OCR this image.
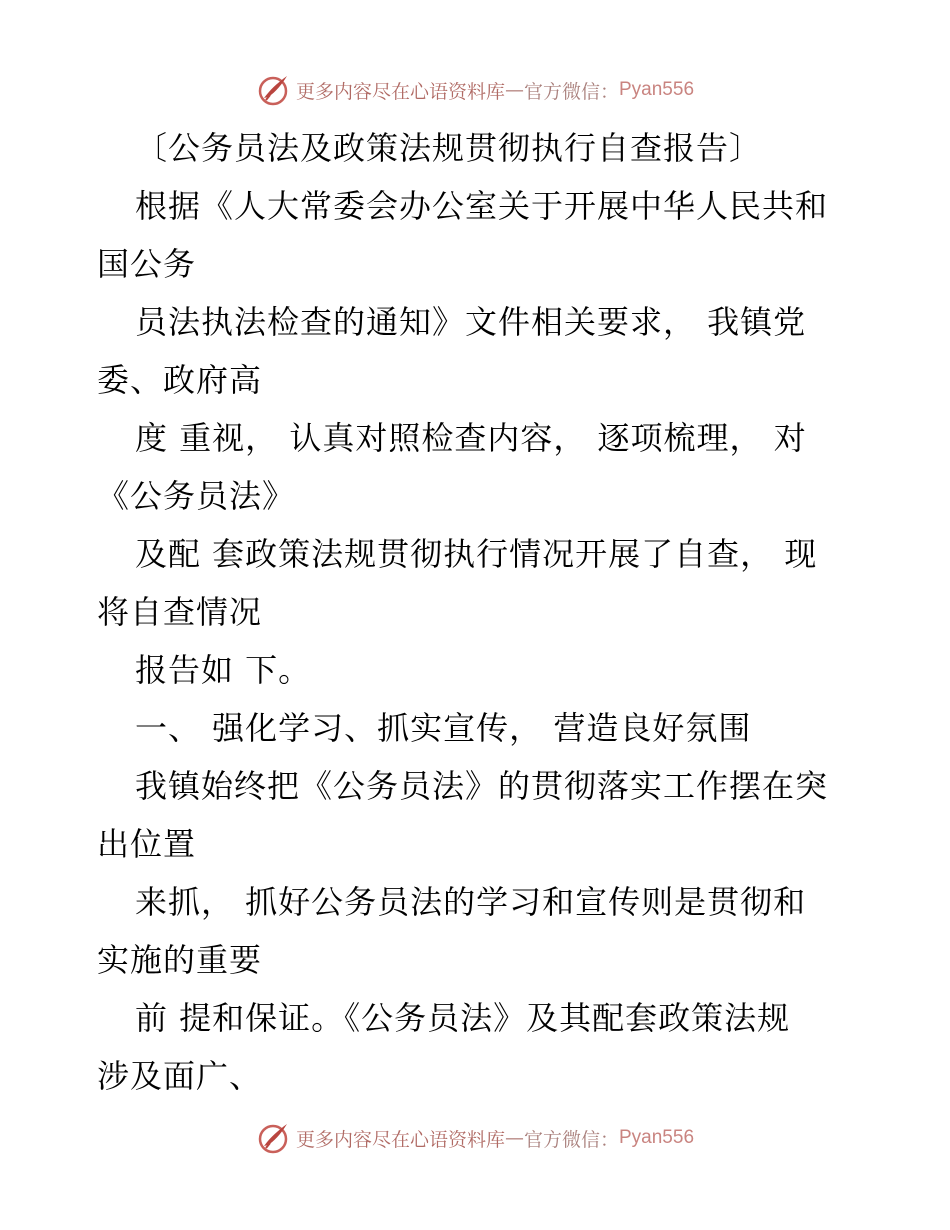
更多内容尽在心语资料库 — 官方微信： Pyan556
〔公务员法及政策法规贯彻执行自查报告〕
根据《人大常委会办公室关于开展中华人民共和
国公务
员法执法检查的通知》文件相关要求， 我镇党
委、政府高
度 重视， 认真对照检查内容， 逐项梳理， 对
《公务员法》
及配 套政策法规贯彻执行情况开展了自查， 现
将自查情况
报告如 下。
一、 强化学习、抓实宣传， 营造良好氛围
我镇始终把《公务员法》的贯彻落实工作摆在突
出位置
来抓， 抓好公务员法的学习和宣传则是贯彻和
实施的重要
前 提和保证。《公务员法》及其配套政策法规
涉及面广、
更多内容尽在心语资料库 — 官方微信： Pyan556
